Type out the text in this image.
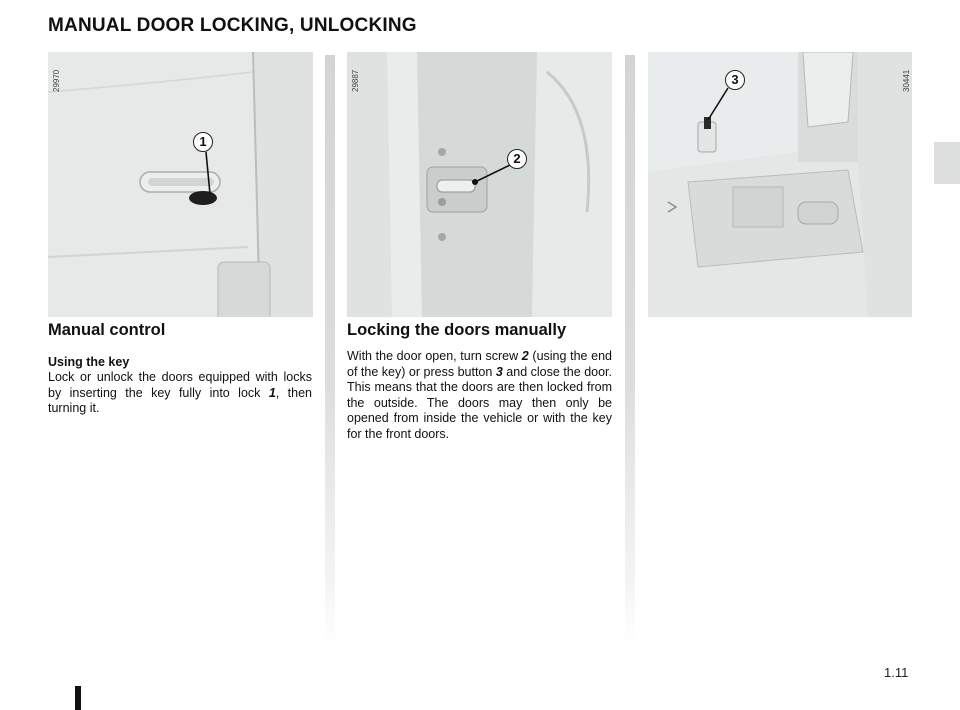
MANUAL DOOR LOCKING, UNLOCKING
29970
1
29887
2
30441
3
Manual control
Using the key

Lock or unlock the doors equipped with locks by inserting the key fully into lock 1, then turning it.

Locking the doors manually

With the door open, turn screw 2 (using the end of the key) or press button 3 and close the door. This means that the doors are then locked from the outside. The doors may then only be opened from inside the vehicle or with the key for the front doors.

1.11
